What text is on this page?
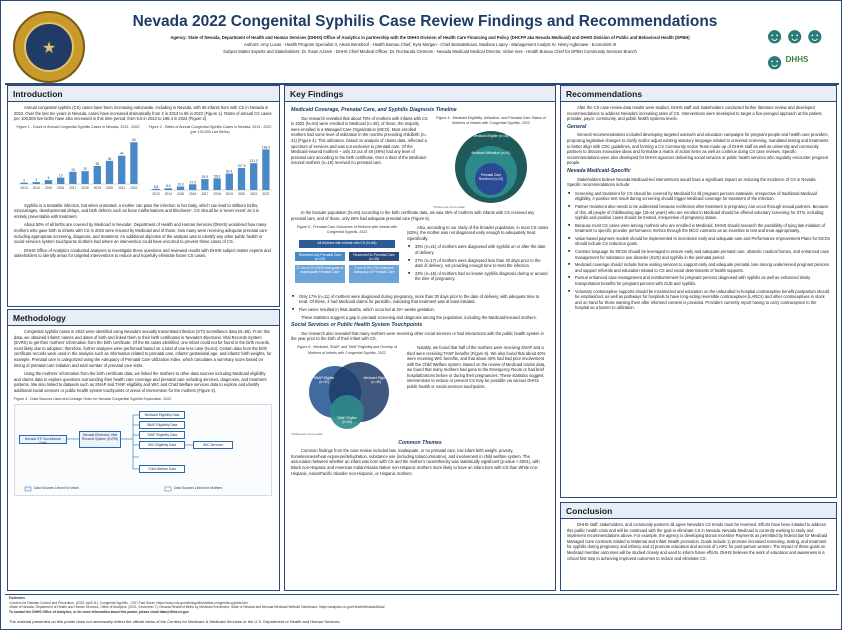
★
Nevada 2022 Congenital Syphilis Case Review Findings and Recommendations
Agency: State of Nevada, Department of Health and Human Services (DHHS) Office of Analytics in partnership with the DHHS Division of Health Care Financing and Policy (DHCFP aka Nevada Medicaid) and DHHS Division of Public and Behavioral Health (DPBH)
Authors: Amy Lucas - Health Program Specialist II, Alexis Benshoof - Health Bureau Chief, Kyra Morgan - Chief Biostatistician, Madison Lopey - Management Analyst IV, Henry Agbenawi - Economist III
Subject Matter Experts and Stakeholders: Dr. Ihsan Azzam - DHHS Chief Medical Officer, Dr. Rochanda Clemons - Nevada Medicaid Medical Director, Vickie Ives - Health Bureau Chief for DPBH Community Services Branch
☻☻☻☻ DHHS
Introduction

Annual congenital syphilis (CS) cases have been increasing nationwide, including in Nevada, with 65 infants born with CS in Nevada in 2022. Over the last ten years in Nevada, cases have increased dramatically from 2 in 2013 to 65 in 2022 (Figure 1). Rates of annual CS cases per 100,000 live births have also increased in this time period, from 5.8 in 2013 to 198.4 in 2022 (Figure 2).

Figure 1 - Count of Annual Congenital Syphilis Cases in Nevada, 2013 - 2022
2
2013
3
2014
6
2015
10
2016
19
2017
20
2018
28
2019
36
2020
44
2021
65
2022
Figure 2 - Rates of Annual Congenital Syphilis Cases in Nevada, 2013 - 2022 (per 100,000 Live Births)
5.8
2013
8.6
2014
16.9
2015
27.9
2016
53.5
2017
56.9
2018
80.4
2019
107.5
2020
131.2
2021
198.4
2022

Syphilis is a treatable infection, but when untreated, a mother can pass the infection to her baby, which can lead to stillborn births, miscarriages, developmental delays, and birth defects such as bone malformations and blindness¹. CS should be a 'never event' as it is entirely preventable with treatment.

About 50% of all births are covered by Medicaid in Nevada². Department of Health and Human Services (DHHS) wondered how many mothers who gave birth to infants with CS in 2022 were insured by Medicaid and of those, how many were receiving adequate prenatal care including appropriate screening, diagnosis, and treatment. An additional objective of the analysis was to identify any other public health or social services system touchpoints mothers had where an intervention could have occurred to prevent these cases of CS.

DHHS Office of Analytics conducted analyses to investigate these questions and reviewed results with DHHS subject matter experts and stakeholders to identify areas for targeted interventions to reduce and hopefully eliminate future CS cases.

Methodology

Congenital syphilis cases in 2022 were identified using Nevada's sexually transmitted infection (STI) surveillance data (N=65). From this data, we obtained infants' names and dates of birth and linked them to their birth certificates in Nevada's Electronic Vital Records System (EVRS) to get their mothers' information from the birth certificate. Of the 65 cases identified, one infant could not be found in the birth records, most likely due to adoption; therefore, further analyses were performed based on a total of one less case (N=64). Certain data from the birth certificate records were used in the analysis such as information related to prenatal care, infants' gestational age, and infants' birth weights, for example. Prenatal care is categorized using the Adequacy of Prenatal Care Utilization Index, which calculates a summary score based on timing of prenatal care initiation and total number of prenatal care visits.

Using the mothers' information from the birth certificate data, we linked the mothers to other data sources including Medicaid eligibility and claims data to explore questions surrounding their health care coverage and prenatal care including services, diagnoses, and treatment patterns. We also linked to datasets such as SNAP and TANF eligibility and WIC and Child Welfare services data to explore and identify additional social services or public health system touchpoints or areas of intervention for the mothers (Figure 3).

Figure 3 - Data Sources Used and Linkage Order for Nevada Congenital Syphilis Exploration, 2022
Nevada STI Surveillance Data
Nevada Electronic Vital Records System (EVRS)
Medicaid Eligibility Data
SNAP Eligibility Data
TANF Eligibility Data
WIC Eligibility Data	WIC Services
Child Welfare Data
Data Sources Linked for Infant	Data Sources Linked for Mothers
Key Findings
Medicaid Coverage, Prenatal Care, and Syphilis Diagnosis Timeline

Our research revealed that about 75% of mothers with infants with CS in 2022 (N=64) were enrolled in Medicaid (n=48); of those, the majority were enrolled in a Managed Care Organization (MCO). Most enrolled mothers had some level of utilization in the months preceding childbirth (n= 41) (Figure 4). This utilization, based on analysis of claims data, reflected a spectrum of services and was not exclusive to prenatal care. Of the Medicaid-insured mothers – only 22 out of 48 (46%) had any level of prenatal care according to the birth certificate. Over a third of the Medicaid-insured mothers (n=19) received no prenatal care.

Figure 4 - Medicaid Eligibility, Utilization, and Prenatal Care Status of Mothers of Infants with Congenital Syphilis, 2022
Medicaid Eligible (n=48)
Medicaid Utilization (n=41)
Prenatal Care Received (n=22)
*Circles are not to scale

In the broader population (N=64) according to the birth certificate data, we saw 45% of mothers with infants with CS received any prenatal care, and of those, only 26% had adequate prenatal care (Figure 5).

Figure 5 - Prenatal Care Outcomes of Mothers with Infants with Congenital Syphilis, 2022
All Mothers with Infants with CS (N=64)
Received Any Prenatal Care (n=29)
Received No Prenatal Care (n=35)
27 out of 29 (93%) Adequate or Inadequate Prenatal Care
2 out of 29 (7%) Unknown Adequacy of Prenatal Care

Also, according to our study of the broader population, in most CS cases (83%), the mother was not diagnosed early enough to adequately treat. Specifically:

■ 33% (n=21) of mothers were diagnosed with syphilis on or after the date of delivery.
■ 27% (n=17) of mothers were diagnosed less than 30 days prior to the date of delivery, not providing enough time to treat the infection.
■ 23% (n=15) of mothers had no known syphilis diagnosis during or around the time of pregnancy.
■ Only 17% (n=11) of mothers were diagnosed during pregnancy, more than 30 days prior to the date of delivery, with adequate time to treat. Of these, 4 had Medicaid claims for penicillin, indicating that treatment was at least initiated.
■ Five cases resulted in fetal deaths, which occurred at 20+ weeks gestation.

These statistics suggest a gap in prenatal screening and diagnosis among the population, including the Medicaid-insured mothers.

Social Services or Public Health System Touchpoints

Our research also revealed that many mothers were receiving other social services or had interactions with the public health system in the year prior to the birth of their infant with CS.

Figure 6 - Medicaid, SNAP, and TANF Eligibility and Overlap of Mothers of Infants with Congenital Syphilis, 2022
SNAP Eligible (n=32)
Medicaid Eligible (n=48)
TANF Eligible (n=19)
*Circles are not to scale

Notably, we found that half of the mothers were receiving SNAP and a third were receiving TANF benefits (Figure 6). We also found that about 40% were receiving WIC benefits, and that about 40% had had prior involvement with the Child Welfare system. Based on the review of Medicaid claims data, we found that many mothers had gone to the Emergency Room or had brief hospitalizations before or during their pregnancies. These statistics suggest interventions to reduce or prevent CS may be possible via various DHHS public health or social services touchpoints.

Common Themes

Common findings from the case review included late, inadequate, or no prenatal care, low infant birth weight, poverty, homelessness/heat exposure/dehydration, substance use (including tobacco/nicotine), and involvement in child welfare system. The association between whether an infant was born with CS and the mother's race/ethnicity was statistically significant (p-value <.0001), with Black non-Hispanic and American Indian/Alaska Native non-Hispanic mothers more likely to have an infant born with CS than White non-Hispanic, Asian/Pacific Islander non-Hispanic, or Hispanic mothers.

Recommendations

After the CS case review data results were studied, DHHS staff and stakeholders conducted further literature review and developed recommendations to address Nevada's increasing rates of CS. Interventions were developed to target a five-pronged approach at the patient, provider, payor, community, and public health systems levels.

General

General recommendations included developing targeted outreach and education campaigns for pregnant people and health care providers, proposing legislative changes to clarify and/or adjust existing statutory language related to universal screening, mandated testing and treatments to better align with CDC guidelines, and forming a CS Community Action Team made up of DHHS staff as well as university and community partners to discuss innovative ideas and formulate a matrix of action items as well as continue doing CS case reviews. Specific recommendations were also developed for DHHS agencies delivering social services or public health services who regularly encounter pregnant people.

Nevada Medicaid-Specific

Stakeholders believe Nevada Medicaid-led interventions would have a significant impact on reducing the incidence of CS in Nevada. Specific recommendations include:

■ Screening and treatment for CS should be covered by Medicaid for all pregnant persons statewide, irrespective of traditional Medicaid eligibility. A positive test result during screening should trigger Medicaid coverage for treatment of the infection.
■ Partner treatment also needs to be addressed because reinfection after treatment in pregnancy can occur through sexual partners. Because of this, all people of childbearing age (15-44 years) who are enrolled in Medicaid should be offered voluntary screening for STIs, including syphilis and positive cases should be treated, irrespective of pregnancy status.
■ Because most CS cases were among mothers who are enrolled in Medicaid, DHHS should research the possibility of tying late initiation of treatment to specific provider performance metrics through the MCO contracts as an incentive to test and treat appropriately.
■ Value-based payment models should be implemented to incentivize early and adequate care and Performance Improvement Plans for MCOs should include CS reduction goals.
■ Contract language for MCOs should be leveraged to ensure early and adequate prenatal care, obstetric medical homes, and enhanced case management for substance use disorder (SUD) and syphilis in the perinatal period.
■ Medicaid coverage should include home visiting services to support early and adequate prenatal care among underserved pregnant persons and support referrals and education related to CS and social determinants of health supports.
■ Pursue enhanced case management and reimbursement for pregnant persons diagnosed with syphilis as well as enhanced timely transportation benefits for pregnant persons with SUD and syphilis.
■ Voluntary contraceptive supports should be incentivized and education on the unbundled in-hospital contraceptive benefit postpartum should be emphasized, as well as pathways for hospitals to have long-acting reversible contraceptives (LARCs) and other contraceptives in stock and on hand for those wanting them after informed consent is provided. Providers currently report having to carry contraception to the hospital as a barrier to utilization.
Conclusion

DHHS staff, stakeholders, and community partners all agree Nevada's CS trends must be reversed. Efforts have been initiated to address this public health crisis and will be continued with the goal to eliminate CS in Nevada. Nevada Medicaid is currently working to study and implement recommendations above. For example, the agency is developing Bonus Incentive Payments as permitted by federal law for Medicaid Managed Care contracts related to Maternal and Infant Health promotion. Goals include 1) promote increased screening, testing, and treatment for syphilis during pregnancy and infancy and 2) promote education and access of LARC for post-partum women. The impact of these goals on Medicaid member outcomes will be studied closely and used to inform future efforts. DHHS believes the work of education and awareness is a critical first step to achieving improved outcomes to reduce and eliminate CS.

Footnotes
¹Centers for Disease Control and Prevention. (2023, April 11). Congenital Syphilis - CDC Fact Sheet. https://www.cdc.gov/std/syphilis/stdfact-congenital-syphilis.htm
²State of Nevada, Department of Health and Human Services, Office of Analytics. (2021, December 7). Nevada Resident Births by Medicaid Enrollment, State of Nevada and Nevada Medicaid Website Dashboard. https://analytics.nv.gov/Health/MedicaidData/
To contact the DHHS Office of Analytics, or for more information about this poster, please email data@dhhs.nv.gov
The material presented on this poster does not necessarily reflect the official views of the Centers for Medicare & Medicaid Services or the U.S. Department of Health and Human Services.
